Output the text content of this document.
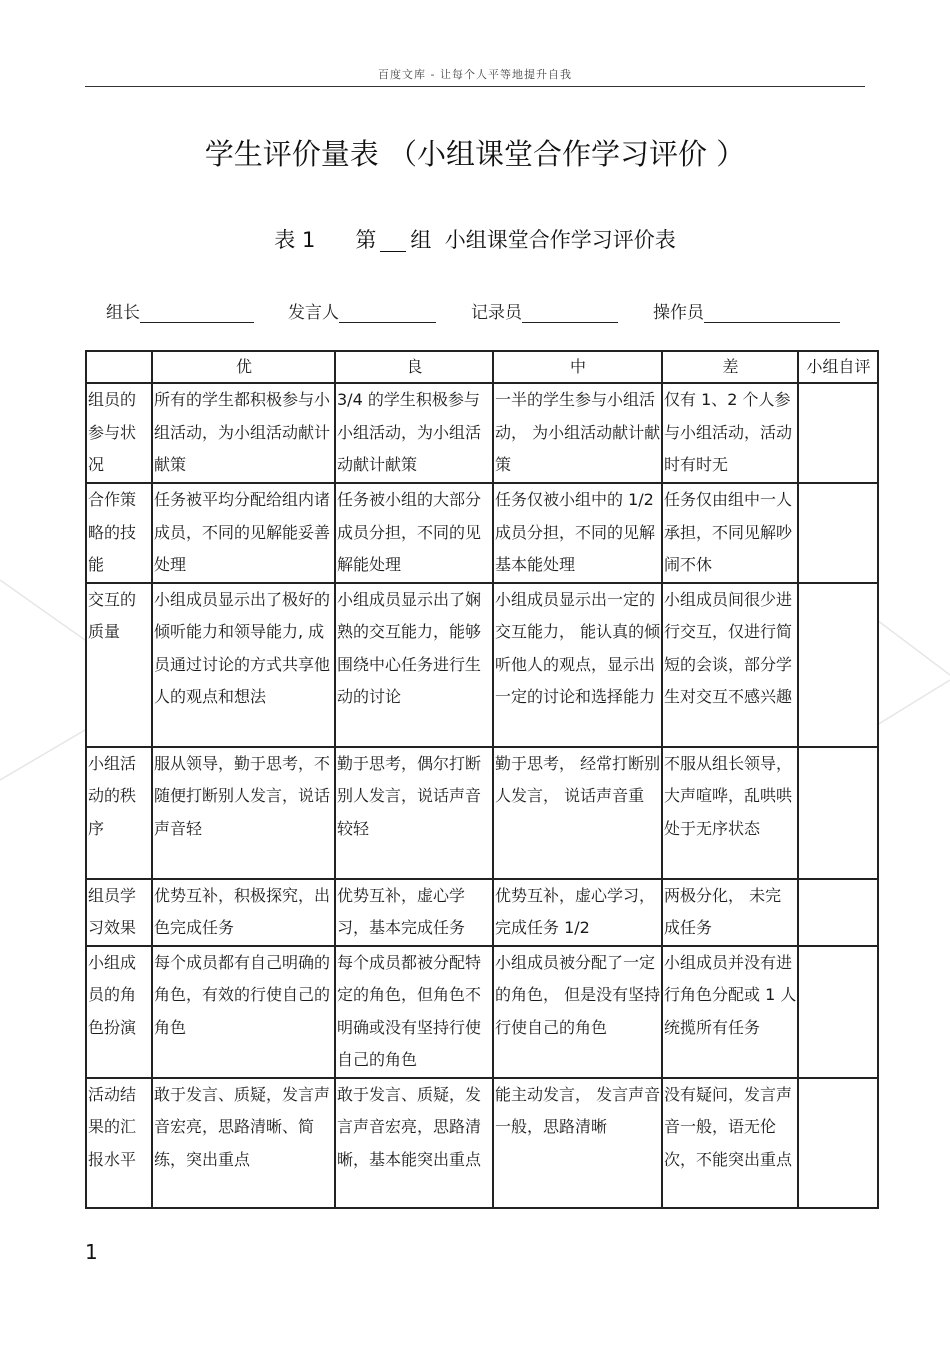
百度文库 - 让每个人平等地提升自我
学生评价量表 （小组课堂合作学习评价 ）
表 1      第 组  小组课堂合作学习评价表
组长	发言人	记录员	操作员
	优	良	中	差	小组自评
组员的参与状况	所有的学生都积极参与小组活动，为小组活动献计献策	3/4 的学生积极参与小组活动，为小组活动献计献策	一半的学生参与小组活动， 为小组活动献计献策	仅有 1、2 个人参与小组活动，活动时有时无	
合作策略的技能	任务被平均分配给组内诸成员，不同的见解能妥善处理	任务被小组的大部分成员分担，不同的见解能处理	任务仅被小组中的 1/2 成员分担，不同的见解基本能处理	任务仅由组中一人承担，不同见解吵闹不休	
交互的质量	小组成员显示出了极好的倾听能力和领导能力, 成员通过讨论的方式共享他人的观点和想法	小组成员显示出了娴熟的交互能力，能够围绕中心任务进行生动的讨论	小组成员显示出一定的交互能力， 能认真的倾听他人的观点，显示出一定的讨论和选择能力	小组成员间很少进行交互，仅进行简短的会谈，部分学生对交互不感兴趣	
小组活动的秩序	服从领导，勤于思考，不随便打断别人发言，说话声音轻	勤于思考，偶尔打断别人发言，说话声音较轻	勤于思考， 经常打断别人发言， 说话声音重	不服从组长领导，大声喧哗，乱哄哄处于无序状态	
组员学习效果	优势互补，积极探究，出色完成任务	优势互补，虚心学习，基本完成任务	优势互补，虚心学习，完成任务 1/2	两极分化， 未完成任务	
小组成员的角色扮演	每个成员都有自己明确的角色，有效的行使自己的角色	每个成员都被分配特定的角色，但角色不明确或没有坚持行使自己的角色	小组成员被分配了一定的角色， 但是没有坚持行使自己的角色	小组成员并没有进行角色分配或 1 人统揽所有任务	
活动结果的汇报水平	敢于发言、质疑，发言声音宏亮，思路清晰、简练，突出重点	敢于发言、质疑，发言声音宏亮，思路清晰，基本能突出重点	能主动发言， 发言声音一般，思路清晰	没有疑问，发言声音一般，语无伦次，不能突出重点	
1
